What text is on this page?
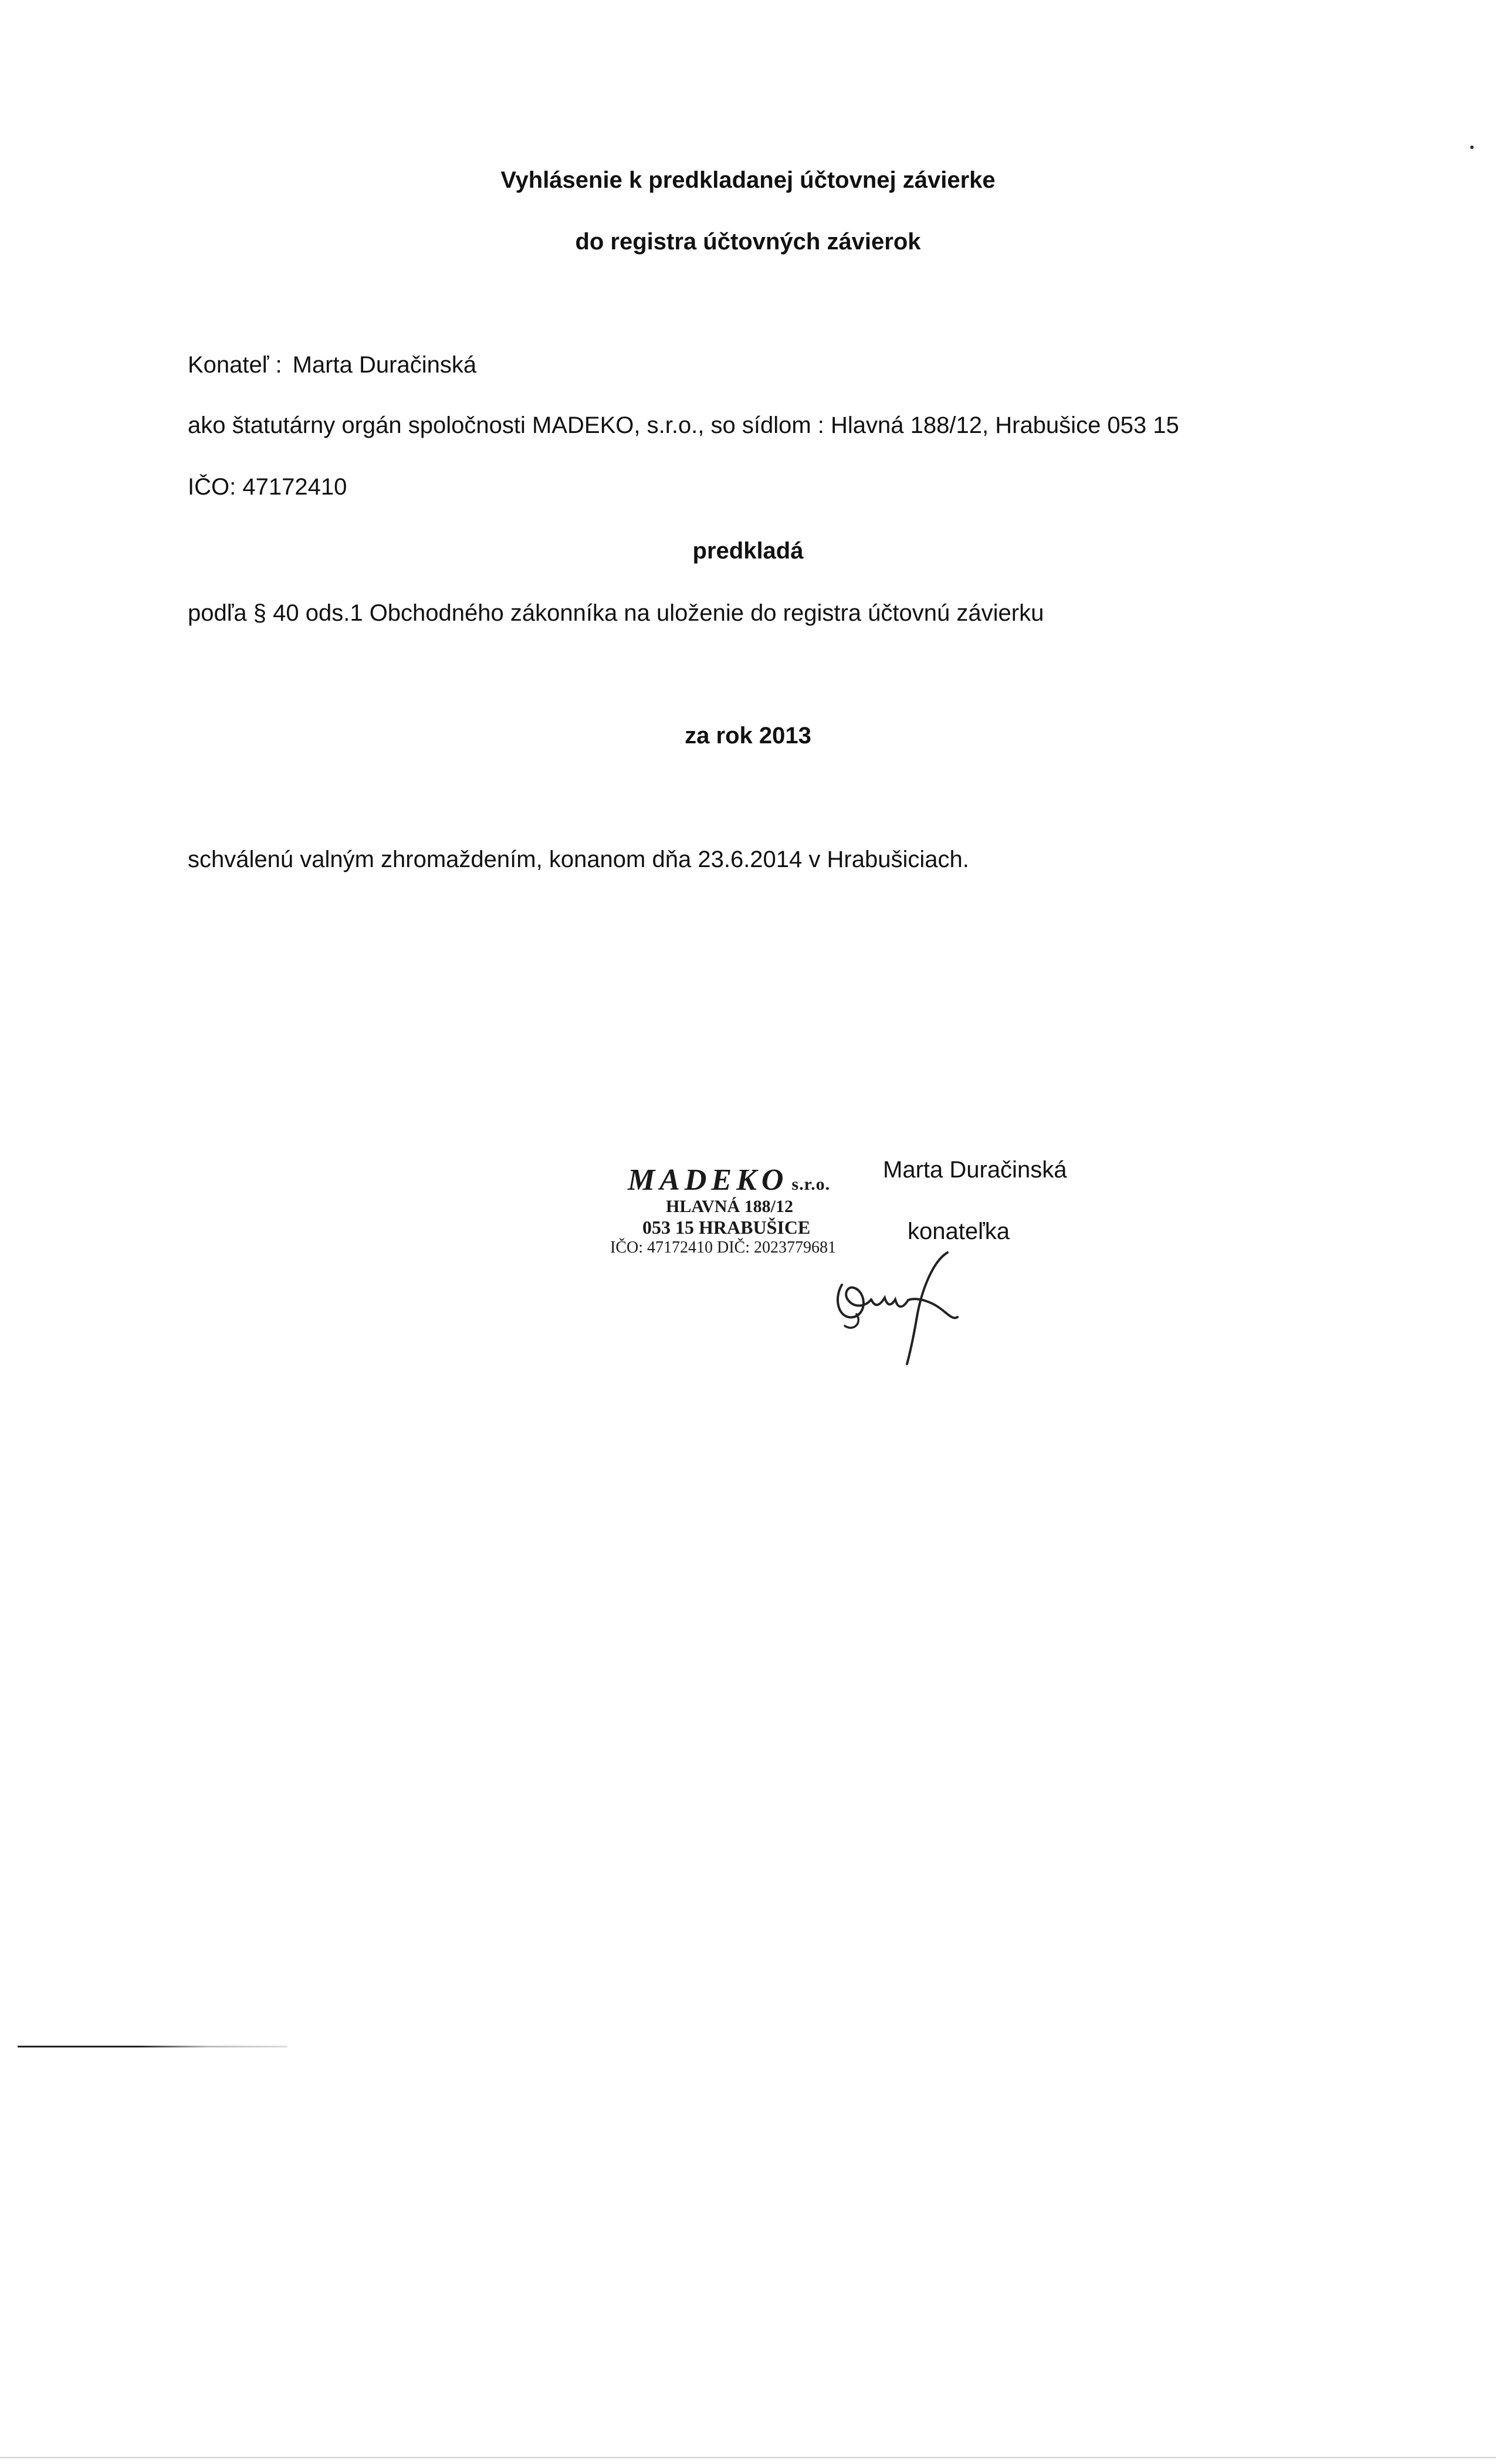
Vyhlásenie k predkladanej účtovnej závierke
do registra účtovných závierok
Konateľ : Marta Duračinská
ako štatutárny orgán spoločnosti MADEKO, s.r.o., so sídlom : Hlavná 188/12, Hrabušice 053 15
IČO: 47172410
predkladá
podľa § 40 ods.1 Obchodného zákonníka na uloženie do registra účtovnú závierku
za rok 2013
schválenú valným zhromaždením, konanom dňa 23.6.2014 v Hrabušiciach.
MADEKO s.r.o.
HLAVNÁ 188/12
053 15 HRABUŠICE
IČO: 47172410 DIČ: 2023779681
Marta Duračinská
konateľka
